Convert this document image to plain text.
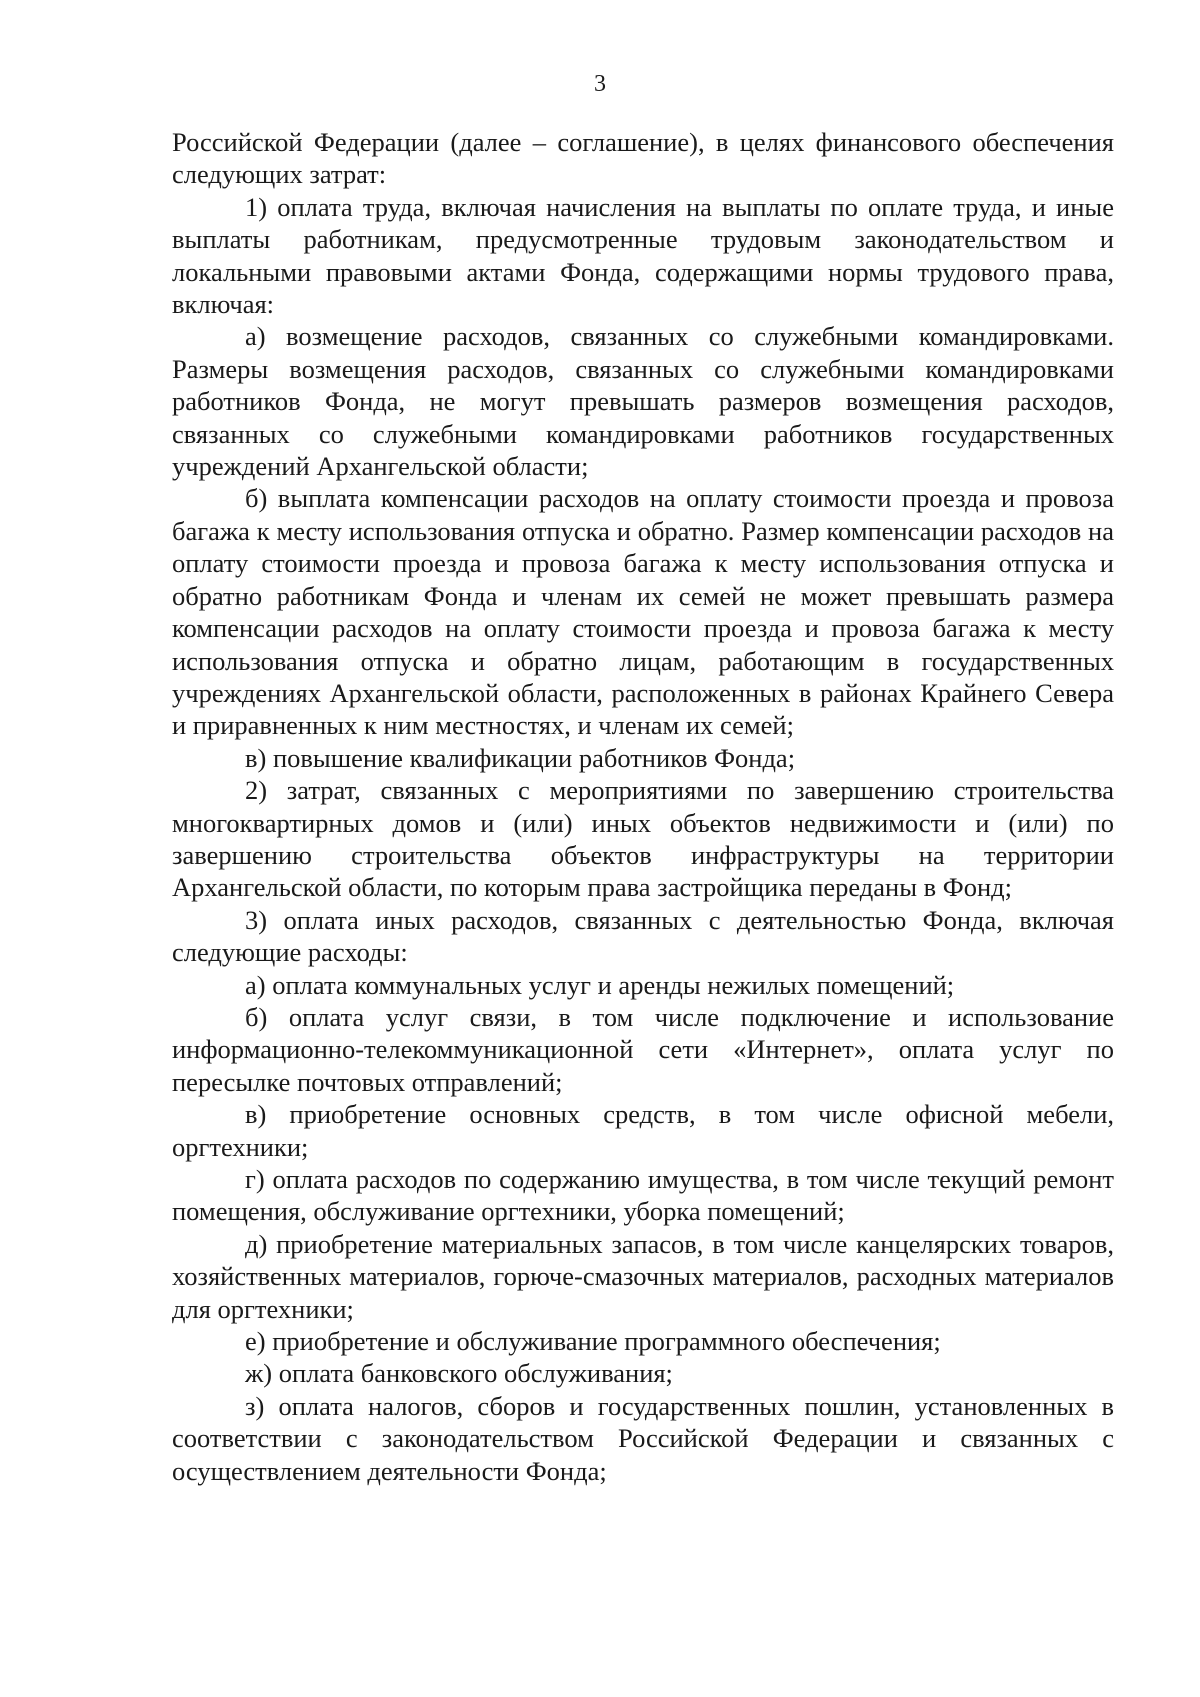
3

Российской Федерации (далее – соглашение), в целях финансового обеспечения следующих затрат:

1) оплата труда, включая начисления на выплаты по оплате труда, и иные выплаты работникам, предусмотренные трудовым законодательством и локальными правовыми актами Фонда, содержащими нормы трудового права, включая:

а) возмещение расходов, связанных со служебными командировками. Размеры возмещения расходов, связанных со служебными командировками работников Фонда, не могут превышать размеров возмещения расходов, связанных со служебными командировками работников государственных учреждений Архангельской области;

б) выплата компенсации расходов на оплату стоимости проезда и провоза багажа к месту использования отпуска и обратно. Размер компенсации расходов на оплату стоимости проезда и провоза багажа к месту использования отпуска и обратно работникам Фонда и членам их семей не может превышать размера компенсации расходов на оплату стоимости проезда и провоза багажа к месту использования отпуска и обратно лицам, работающим в государственных учреждениях Архангельской области, расположенных в районах Крайнего Севера и приравненных к ним местностях, и членам их семей;

в) повышение квалификации работников Фонда;

2) затрат, связанных с мероприятиями по завершению строительства многоквартирных домов и (или) иных объектов недвижимости и (или) по завершению строительства объектов инфраструктуры на территории Архангельской области, по которым права застройщика переданы в Фонд;

3) оплата иных расходов, связанных с деятельностью Фонда, включая следующие расходы:

а) оплата коммунальных услуг и аренды нежилых помещений;

б) оплата услуг связи, в том числе подключение и использование информационно-телекоммуникационной сети «Интернет», оплата услуг по пересылке почтовых отправлений;

в) приобретение основных средств, в том числе офисной мебели, оргтехники;

г) оплата расходов по содержанию имущества, в том числе текущий ремонт помещения, обслуживание оргтехники, уборка помещений;

д) приобретение материальных запасов, в том числе канцелярских товаров, хозяйственных материалов, горюче-смазочных материалов, расходных материалов для оргтехники;

е) приобретение и обслуживание программного обеспечения;

ж) оплата банковского обслуживания;

з) оплата налогов, сборов и государственных пошлин, установленных в соответствии с законодательством Российской Федерации и связанных с осуществлением деятельности Фонда;
